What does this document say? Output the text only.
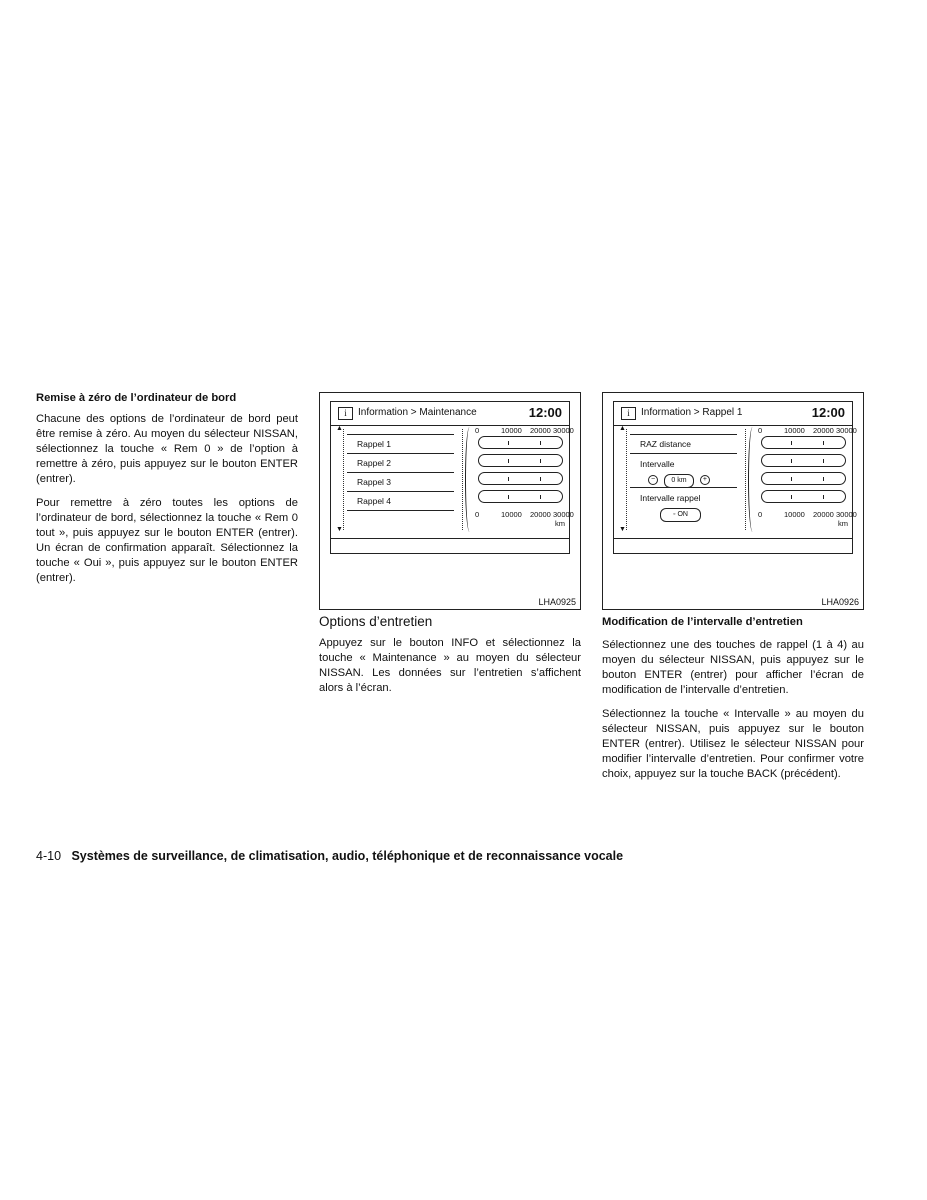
Remise à zéro de l’ordinateur de bord

Chacune des options de l’ordinateur de bord peut être remise à zéro. Au moyen du sélecteur NISSAN, sélectionnez la touche « Rem 0 » de l’option à remettre à zéro, puis appuyez sur le bouton ENTER (entrer).

Pour remettre à zéro toutes les options de l’ordinateur de bord, sélectionnez la touche « Rem 0 tout », puis appuyez sur le bouton ENTER (entrer). Un écran de confirmation apparaît. Sélectionnez la touche « Oui », puis appuyez sur le bouton ENTER (entrer).

i	Information > Maintenance	12:00
▲
▼
Rappel 1
Rappel 2
Rappel 3
Rappel 4
0	10000 20000 30000
0	10000 20000 30000
km
LHA0925
i	Information > Rappel 1	12:00
▲
▼
RAZ distance
Intervalle
− 0 km +
Intervalle rappel
◦ ON
0	10000 20000 30000
0	10000 20000 30000
km
LHA0926
Options d’entretien

Appuyez sur le bouton INFO et sélectionnez la touche « Maintenance » au moyen du sélecteur NISSAN. Les données sur l’entretien s’affichent alors à l’écran.

Modification de l’intervalle d’entretien

Sélectionnez une des touches de rappel (1 à 4) au moyen du sélecteur NISSAN, puis appuyez sur le bouton ENTER (entrer) pour afficher l’écran de modification de l’intervalle d’entretien.

Sélectionnez la touche « Intervalle » au moyen du sélecteur NISSAN, puis appuyez sur le bouton ENTER (entrer). Utilisez le sélecteur NISSAN pour modifier l’intervalle d’entretien. Pour confirmer votre choix, appuyez sur la touche BACK (précédent).

4-10 Systèmes de surveillance, de climatisation, audio, téléphonique et de reconnaissance vocale
